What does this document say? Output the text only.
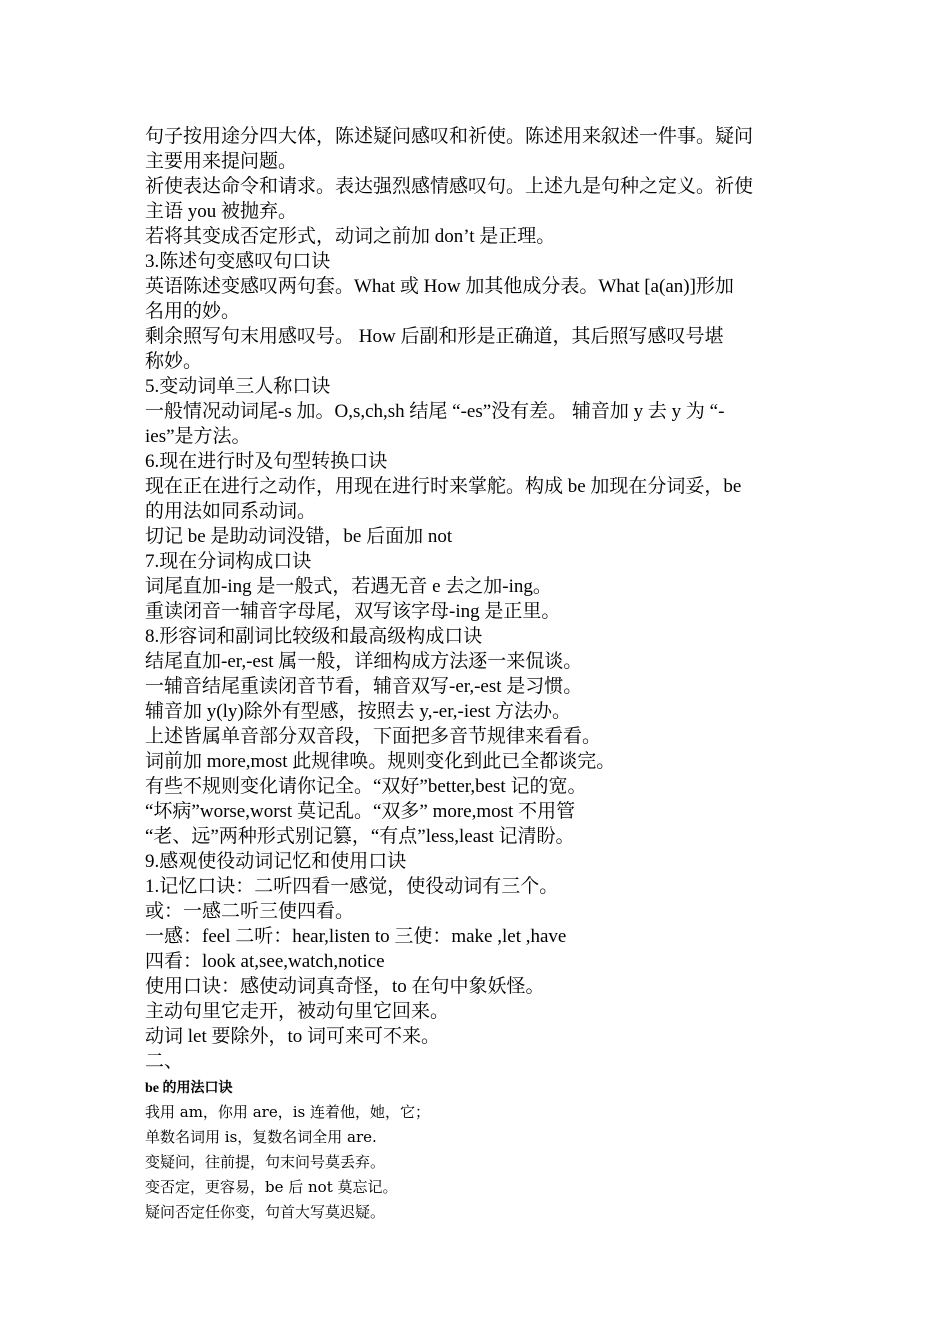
句子按用途分四大体，陈述疑问感叹和祈使。陈述用来叙述一件事。疑问
主要用来提问题。
祈使表达命令和请求。表达强烈感情感叹句。上述九是句种之定义。祈使
主语 you 被抛弃。
若将其变成否定形式，动词之前加 don’t 是正理。
3.陈述句变感叹句口诀
英语陈述变感叹两句套。What 或 How 加其他成分表。What [a(an)]形加
名用的妙。
剩余照写句末用感叹号。 How 后副和形是正确道，其后照写感叹号堪
称妙。
5.变动词单三人称口诀
一般情况动词尾-s 加。O,s,ch,sh 结尾 “-es”没有差。 辅音加 y 去 y 为 “-
ies”是方法。
6.现在进行时及句型转换口诀
现在正在进行之动作，用现在进行时来掌舵。构成 be 加现在分词妥，be
的用法如同系动词。
切记 be 是助动词没错，be 后面加 not
7.现在分词构成口诀
词尾直加-ing 是一般式，若遇无音 e 去之加-ing。
重读闭音一辅音字母尾，双写该字母-ing 是正里。
8.形容词和副词比较级和最高级构成口诀
结尾直加-er,-est 属一般，详细构成方法逐一来侃谈。
一辅音结尾重读闭音节看，辅音双写-er,-est 是习惯。
辅音加 y(ly)除外有型感，按照去 y,-er,-iest 方法办。
上述皆属单音部分双音段，下面把多音节规律来看看。
词前加 more,most 此规律唤。规则变化到此已全都谈完。
有些不规则变化请你记全。“双好”better,best 记的宽。
“坏病”worse,worst 莫记乱。“双多” more,most 不用管
“老、远”两种形式别记篡，“有点”less,least 记清盼。
9.感观使役动词记忆和使用口诀
1.记忆口诀：二听四看一感觉，使役动词有三个。
或：一感二听三使四看。
一感：feel 二听：hear,listen to 三使：make ,let ,have
四看：look at,see,watch,notice
使用口诀：感使动词真奇怪，to 在句中象妖怪。
主动句里它走开，被动句里它回来。
动词 let 要除外，to 词可来可不来。
二、
be 的用法口诀
我用 am，你用 are，is 连着他，她，它；
单数名词用 is，复数名词全用 are.
变疑问，往前提，句末问号莫丢弃。
变否定，更容易，be 后 not 莫忘记。
疑问否定任你变，句首大写莫迟疑。
